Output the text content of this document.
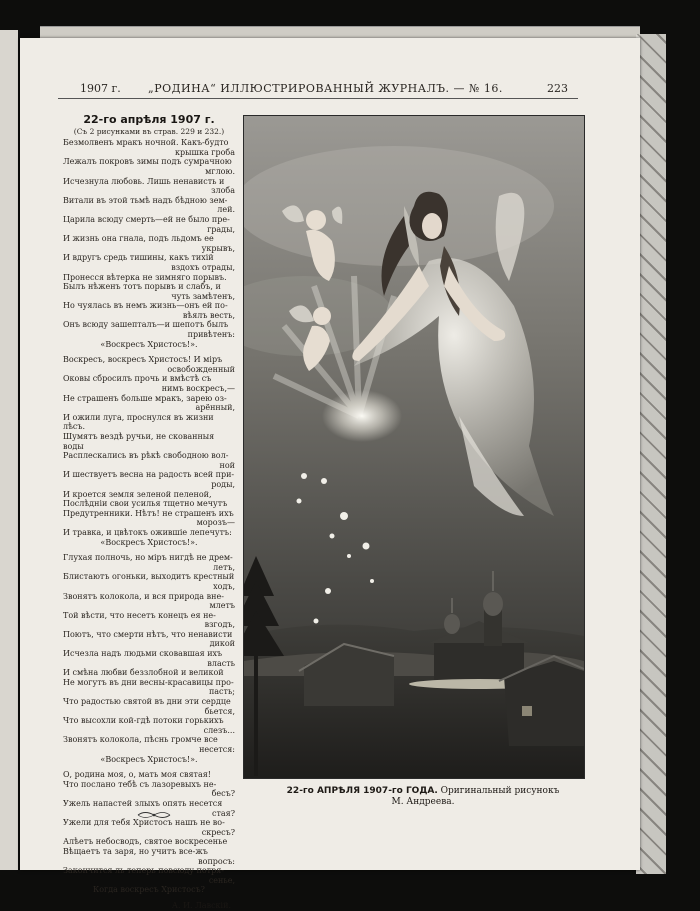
1907 г. „РОДИНА“ ИЛЛЮСТРИРОВАННЫЙ ЖУРНАЛЪ. — № 16.	223
22-го апрѣля 1907 г.
(Съ 2 рисунками въ страв. 229 и 232.)
Безмолвенъ мракъ ночной. Какъ-будто
крышка гроба
Лежалъ покровъ зимы подъ сумрачною
мглою.
Исчезнула любовь. Лишь ненависть и
злоба
Витали въ этой тьмѣ надъ бѣдною зем-
лей.
Царила всюду смерть—ей не было пре-
грады,
И жизнь она гнала, подъ льдомъ ее
укрывъ,
И вдругъ средь тишины, какъ тихій
вздохъ отрады,
Пронесся вѣтерка не зимняго порывъ.
Былъ нѣженъ тотъ порывъ и слабъ, и
чуть замѣтенъ,
Но чуялась въ немъ жизнь—онъ ей по-
вѣялъ весть,
Онъ всюду зашепталъ—и шепотъ былъ
привѣтенъ:
«Воскресъ Христосъ!».
Воскресъ, воскресъ Христосъ! И міръ
освобожденный
Оковы сбросилъ прочь и вмѣстѣ съ
нимъ воскресъ,—
Не страшенъ больше мракъ, зарею оз-
арённый,
И ожили луга, проснулся въ жизни лѣсъ.
Шумятъ вездѣ ручьи, не скованныя воды
Расплескались въ рѣкѣ свободною вол-
ной
И шествуетъ весна на радость всей при-
роды,
И кроется земля зеленой пеленой,
Послѣдніи свои усилья тщетно мечутъ
Предутренники. Нѣтъ! не страшенъ ихъ
морозъ—
И травка, и цвѣтокъ ожившіе лепечутъ:
«Воскресъ Христосъ!».
Глухая полночь, но міръ нигдѣ не дрем-
летъ,
Блистаютъ огоньки, выходитъ крестный
ходъ,
Звонятъ колокола, и вся природа вне-
млетъ
Той вѣсти, что несетъ конецъ ея не-
взгодъ,
Поютъ, что смерти нѣтъ, что ненависти
дикой
Исчезла надъ людьми сковавшая ихъ
власть
И смѣна любви беззлобной и великой
Не могутъ въ дни весны-красавицы про-
пасть;
Что радостью святой въ дни эти сердце
бьется,
Что высохли кой-гдѣ потоки горькихъ
слезъ...
Звонятъ колокола, пѣснь громче все
несется:
«Воскресъ Христосъ!».
О, родина моя, о, мать моя святая!
Что послано тебѣ съ лазоревыхъ не-
бесъ?
Ужель напастей злыхъ опять несется
стая?
Ужели для тебя Христосъ нашъ не во-
скресъ?
Алѣетъ небосводъ, святое воскресенье
Вѣщаетъ та заря, но учитъ все-жъ
вопросъ:
Закончится ль теперь повсюду потря-
сенье,
Когда воскресъ Христосъ?
А. И. Лавскій.
22-го АПРѢЛЯ 1907-го ГОДА. Оригинальный рисунокъ
М. Андреева.
